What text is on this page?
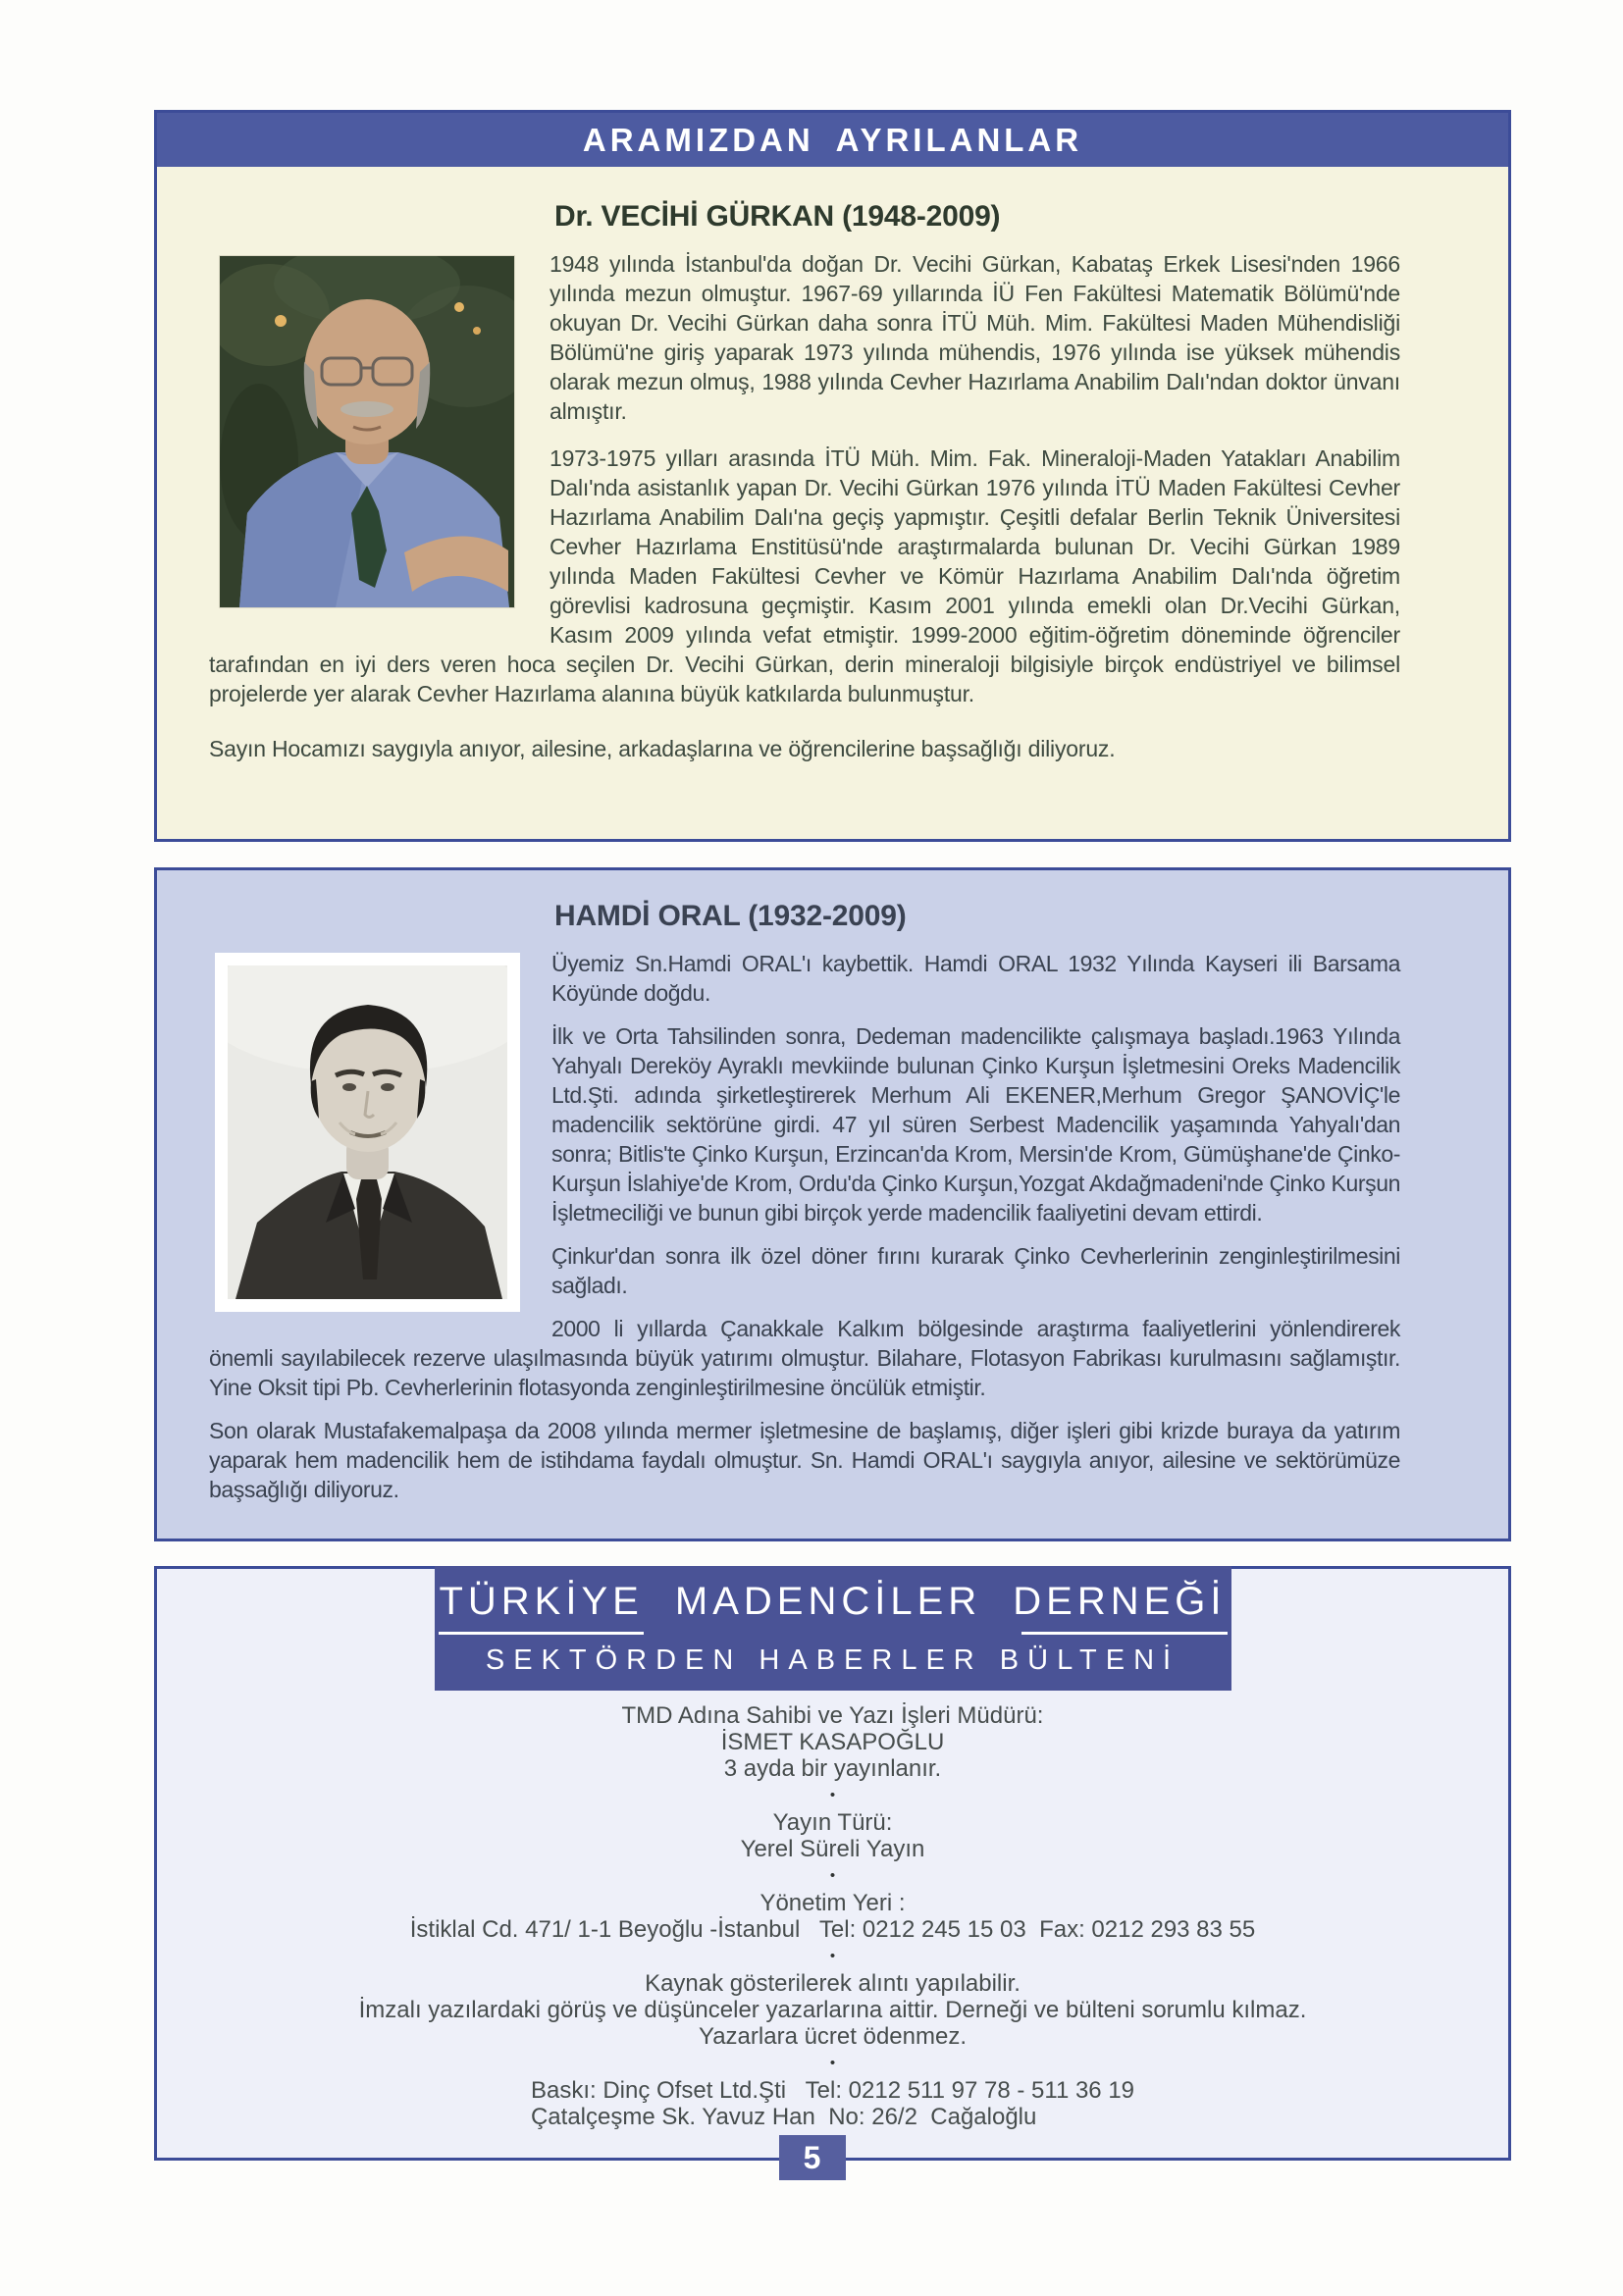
ARAMIZDAN AYRILANLAR
Dr. VECİHİ GÜRKAN (1948-2009)

1948 yılında İstanbul'da doğan Dr. Vecihi Gürkan, Kabataş Erkek Lisesi'nden 1966 yılında mezun olmuştur. 1967-69 yıllarında İÜ Fen Fakültesi Matematik Bölümü'nde okuyan Dr. Vecihi Gürkan daha sonra İTÜ Müh. Mim. Fakültesi Maden Mühendisliği Bölümü'ne giriş yaparak 1973 yılında mühendis, 1976 yılında ise yüksek mühendis olarak mezun olmuş, 1988 yılında Cevher Hazırlama Anabilim Dalı'ndan doktor ünvanı almıştır.

1973-1975 yılları arasında İTÜ Müh. Mim. Fak. Mineraloji-Maden Yatakları Anabilim Dalı'nda asistanlık yapan Dr. Vecihi Gürkan 1976 yılında İTÜ Maden Fakültesi Cevher Hazırlama Anabilim Dalı'na geçiş yapmıştır. Çeşitli defalar Berlin Teknik Üniversitesi Cevher Hazırlama Enstitüsü'nde araştırmalarda bulunan Dr. Vecihi Gürkan 1989 yılında Maden Fakültesi Cevher ve Kömür Hazırlama Anabilim Dalı'nda öğretim görevlisi kadrosuna geçmiştir. Kasım 2001 yılında emekli olan Dr.Vecihi Gürkan, Kasım 2009 yılında vefat etmiştir. 1999-2000 eğitim-öğretim döneminde öğrenciler tarafından en iyi ders veren hoca seçilen Dr. Vecihi Gürkan, derin mineraloji bilgisiyle birçok endüstriyel ve bilimsel projelerde yer alarak Cevher Hazırlama alanına büyük katkılarda bulunmuştur.

Sayın Hocamızı saygıyla anıyor, ailesine, arkadaşlarına ve öğrencilerine başsağlığı diliyoruz.

HAMDİ ORAL (1932-2009)

Üyemiz Sn.Hamdi ORAL'ı kaybettik. Hamdi ORAL 1932 Yılında Kayseri ili Barsama Köyünde doğdu.

İlk ve Orta Tahsilinden sonra, Dedeman madencilikte çalışmaya başladı.1963 Yılında Yahyalı Dereköy Ayraklı mevkiinde bulunan Çinko Kurşun İşletmesini Oreks Madencilik Ltd.Şti. adında şirketleştirerek Merhum Ali EKENER,Merhum Gregor ŞANOVİÇ'le madencilik sektörüne girdi. 47 yıl süren Serbest Madencilik yaşamında Yahyalı'dan sonra; Bitlis'te Çinko Kurşun, Erzincan'da Krom, Mersin'de Krom, Gümüşhane'de Çinko-Kurşun İslahiye'de Krom, Ordu'da Çinko Kurşun,Yozgat Akdağmadeni'nde Çinko Kurşun İşletmeciliği ve bunun gibi birçok yerde madencilik faaliyetini devam ettirdi.

Çinkur'dan sonra ilk özel döner fırını kurarak Çinko Cevherlerinin zenginleştirilmesini sağladı.

2000 li yıllarda Çanakkale Kalkım bölgesinde araştırma faaliyetlerini yönlendirerek önemli sayılabilecek rezerve ulaşılmasında büyük yatırımı olmuştur. Bilahare, Flotasyon Fabrikası kurulmasını sağlamıştır. Yine Oksit tipi Pb. Cevherlerinin flotasyonda zenginleştirilmesine öncülük etmiştir.

Son olarak Mustafakemalpaşa da 2008 yılında mermer işletmesine de başlamış, diğer işleri gibi krizde buraya da yatırım yaparak hem madencilik hem de istihdama faydalı olmuştur. Sn. Hamdi ORAL'ı saygıyla anıyor, ailesine ve sektörümüze başsağlığı diliyoruz.

TÜRKİYE MADENCİLER DERNEĞİ
SEKTÖRDEN HABERLER BÜLTENİ

TMD Adına Sahibi ve Yazı İşleri Müdürü:

İSMET KASAPOĞLU

3 ayda bir yayınlanır.

•

Yayın Türü:

Yerel Süreli Yayın

•

Yönetim Yeri :

İstiklal Cd. 471/ 1-1 Beyoğlu -İstanbul   Tel: 0212 245 15 03  Fax: 0212 293 83 55

•

Kaynak gösterilerek alıntı yapılabilir.

İmzalı yazılardaki görüş ve düşünceler yazarlarına aittir. Derneği ve bülteni sorumlu kılmaz.

Yazarlara ücret ödenmez.

•

Baskı: Dinç Ofset Ltd.Şti   Tel: 0212 511 97 78 - 511 36 19

Çatalçeşme Sk. Yavuz Han  No: 26/2  Cağaloğlu

5
